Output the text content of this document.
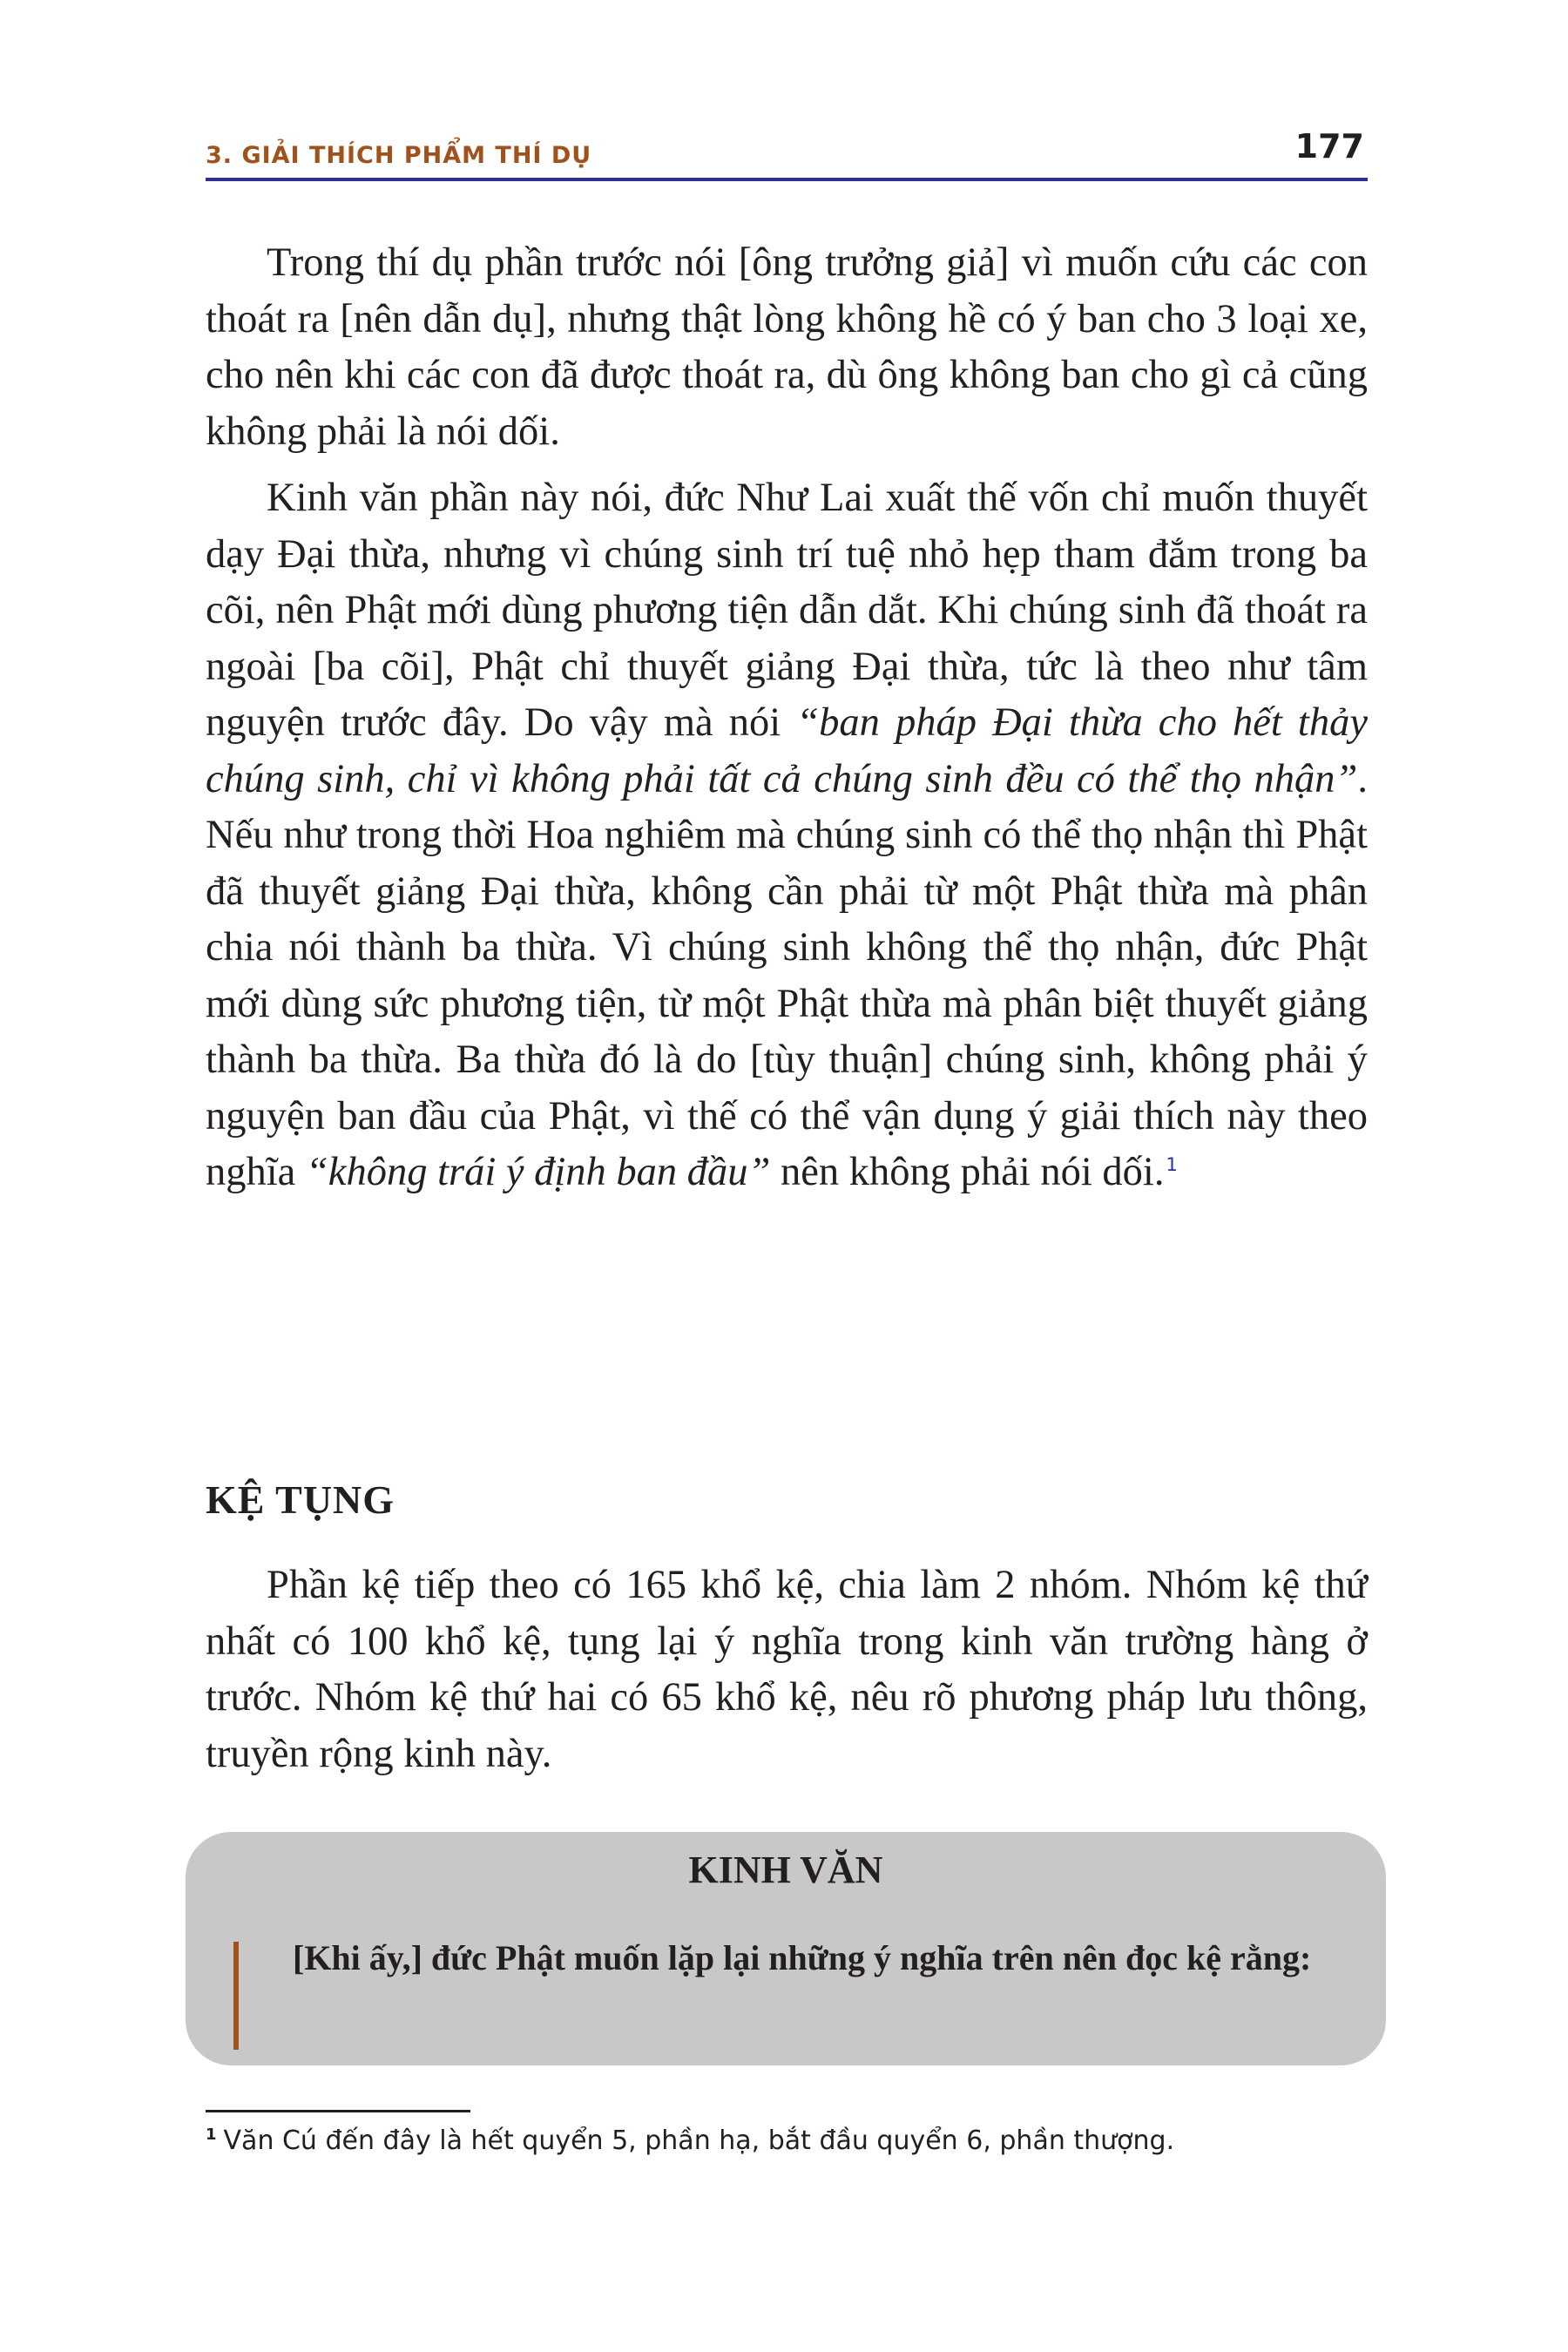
3. GIẢI THÍCH PHẨM THÍ DỤ	177

Trong thí dụ phần trước nói [ông trưởng giả] vì muốn cứu các con thoát ra [nên dẫn dụ], nhưng thật lòng không hề có ý ban cho 3 loại xe, cho nên khi các con đã được thoát ra, dù ông không ban cho gì cả cũng không phải là nói dối.

Kinh văn phần này nói, đức Như Lai xuất thế vốn chỉ muốn thuyết dạy Đại thừa, nhưng vì chúng sinh trí tuệ nhỏ hẹp tham đắm trong ba cõi, nên Phật mới dùng phương tiện dẫn dắt. Khi chúng sinh đã thoát ra ngoài [ba cõi], Phật chỉ thuyết giảng Đại thừa, tức là theo như tâm nguyện trước đây. Do vậy mà nói “ban pháp Đại thừa cho hết thảy chúng sinh, chỉ vì không phải tất cả chúng sinh đều có thể thọ nhận”. Nếu như trong thời Hoa nghiêm mà chúng sinh có thể thọ nhận thì Phật đã thuyết giảng Đại thừa, không cần phải từ một Phật thừa mà phân chia nói thành ba thừa. Vì chúng sinh không thể thọ nhận, đức Phật mới dùng sức phương tiện, từ một Phật thừa mà phân biệt thuyết giảng thành ba thừa. Ba thừa đó là do [tùy thuận] chúng sinh, không phải ý nguyện ban đầu của Phật, vì thế có thể vận dụng ý giải thích này theo nghĩa “không trái ý định ban đầu” nên không phải nói dối.$^1$

KỆ TỤNG

Phần kệ tiếp theo có 165 khổ kệ, chia làm 2 nhóm. Nhóm kệ thứ nhất có 100 khổ kệ, tụng lại ý nghĩa trong kinh văn trường hàng ở trước. Nhóm kệ thứ hai có 65 khổ kệ, nêu rõ phương pháp lưu thông, truyền rộng kinh này.

KINH VĂN

[Khi ấy,] đức Phật muốn lặp lại những ý nghĩa trên nên đọc kệ rằng:

$^1$ Văn Cú đến đây là hết quyển 5, phần hạ, bắt đầu quyển 6, phần thượng.
